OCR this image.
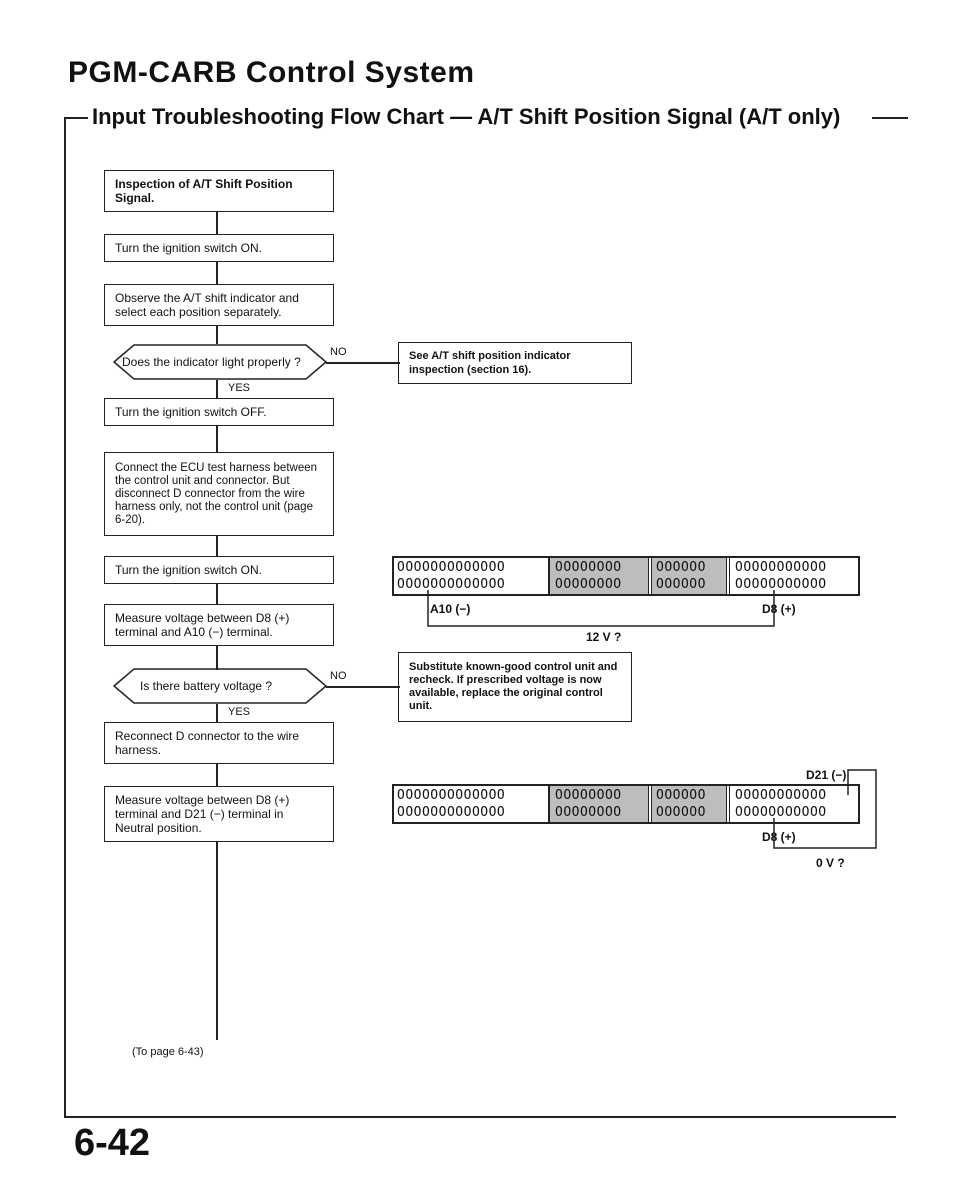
PGM-CARB Control System
Input Troubleshooting Flow Chart — A/T Shift Position Signal (A/T only)
Inspection of A/T Shift Position Signal.
Turn the ignition switch ON.
Observe the A/T shift indicator and select each position separately.
Does the indicator light properly ?
NO
YES
See A/T shift position indicator inspection (section 16).
Turn the ignition switch OFF.
Connect the ECU test harness between the control unit and connector. But disconnect D connector from the wire harness only, not the control unit (page 6-20).
Turn the ignition switch ON.
Measure voltage between D8 (+) terminal and A10 (−) terminal.
Is there battery voltage ?
NO
YES
Substitute known-good control unit and recheck. If prescribed voltage is now available, replace the original control unit.
Reconnect D connector to the wire harness.
Measure voltage between D8 (+) terminal and D21 (−) terminal in Neutral position.
(To page 6-43)
OOOOOOOOOOOOO
OOOOOOOOOOOOO
OOOOOOOO
OOOOOOOO
OOOOOO
OOOOOO
OOOOOOOOOOO
OOOOOOOOOOO
A10 (−)	D8 (+)
12 V ?
OOOOOOOOOOOOO
OOOOOOOOOOOOO
OOOOOOOO
OOOOOOOO
OOOOOO
OOOOOO
OOOOOOOOOOO
OOOOOOOOOOO
D21 (−)
D8 (+)
0 V ?
6-42
